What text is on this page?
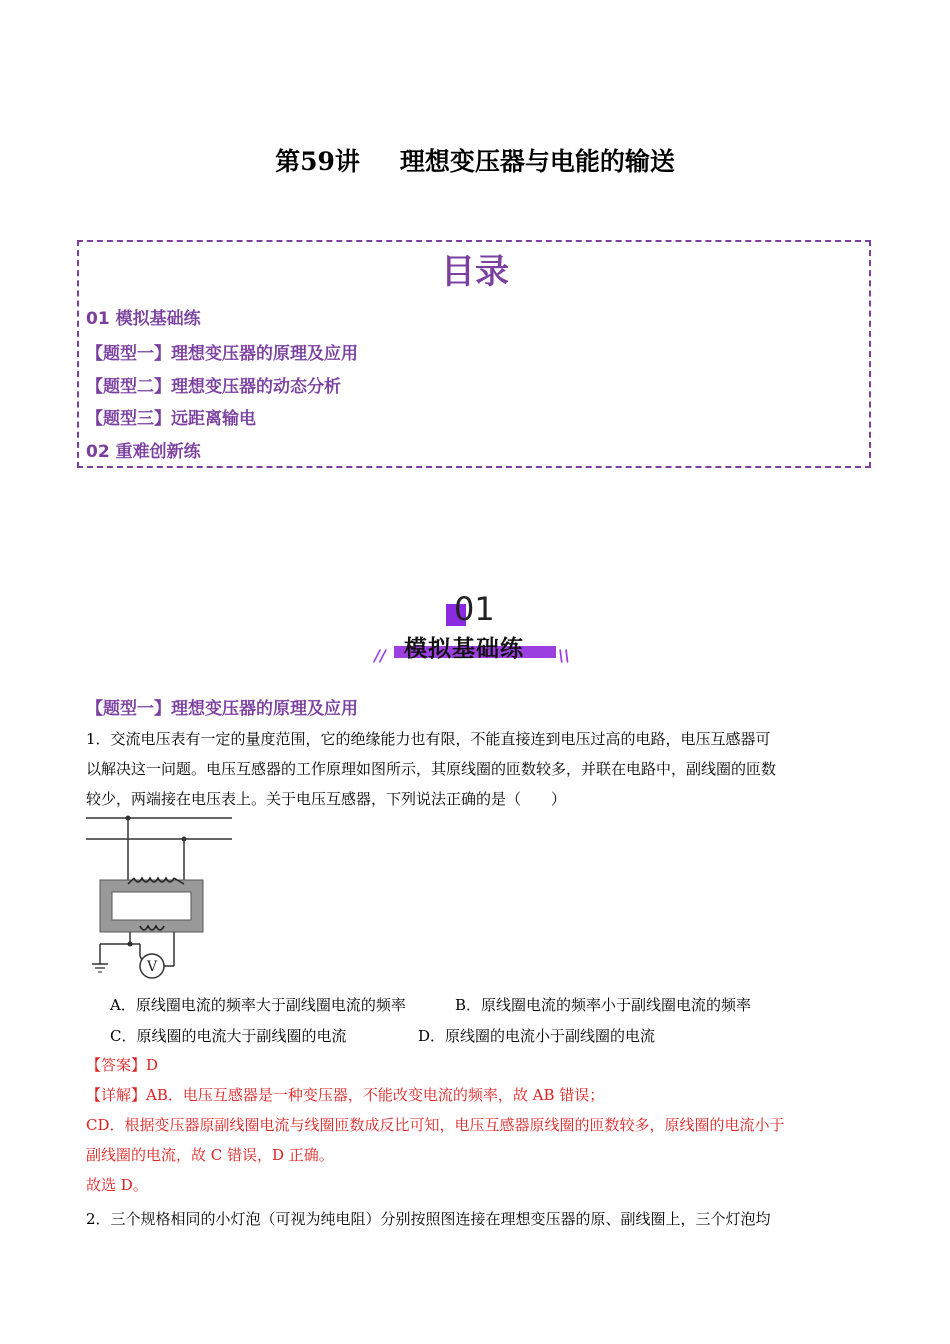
第59讲 理想变压器与电能的输送
目录
01 模拟基础练
【题型一】理想变压器的原理及应用
【题型二】理想变压器的动态分析
【题型三】远距离输电
02 重难创新练
01
模拟基础练
//	\\
【题型一】理想变压器的原理及应用
1．交流电压表有一定的量度范围，它的绝缘能力也有限，不能直接连到电压过高的电路，电压互感器可
以解决这一问题。电压互感器的工作原理如图所示，其原线圈的匝数较多，并联在电路中，副线圈的匝数
较少，两端接在电压表上。关于电压互感器，下列说法正确的是（　　）
V
A．原线圈电流的频率大于副线圈电流的频率	B．原线圈电流的频率小于副线圈电流的频率
C．原线圈的电流大于副线圈的电流	D．原线圈的电流小于副线圈的电流
【答案】D
【详解】AB．电压互感器是一种变压器，不能改变电流的频率，故 AB 错误；
CD．根据变压器原副线圈电流与线圈匝数成反比可知，电压互感器原线圈的匝数较多，原线圈的电流小于
副线圈的电流，故 C 错误，D 正确。
故选 D。
2．三个规格相同的小灯泡（可视为纯电阻）分别按照图连接在理想变压器的原、副线圈上，三个灯泡均
